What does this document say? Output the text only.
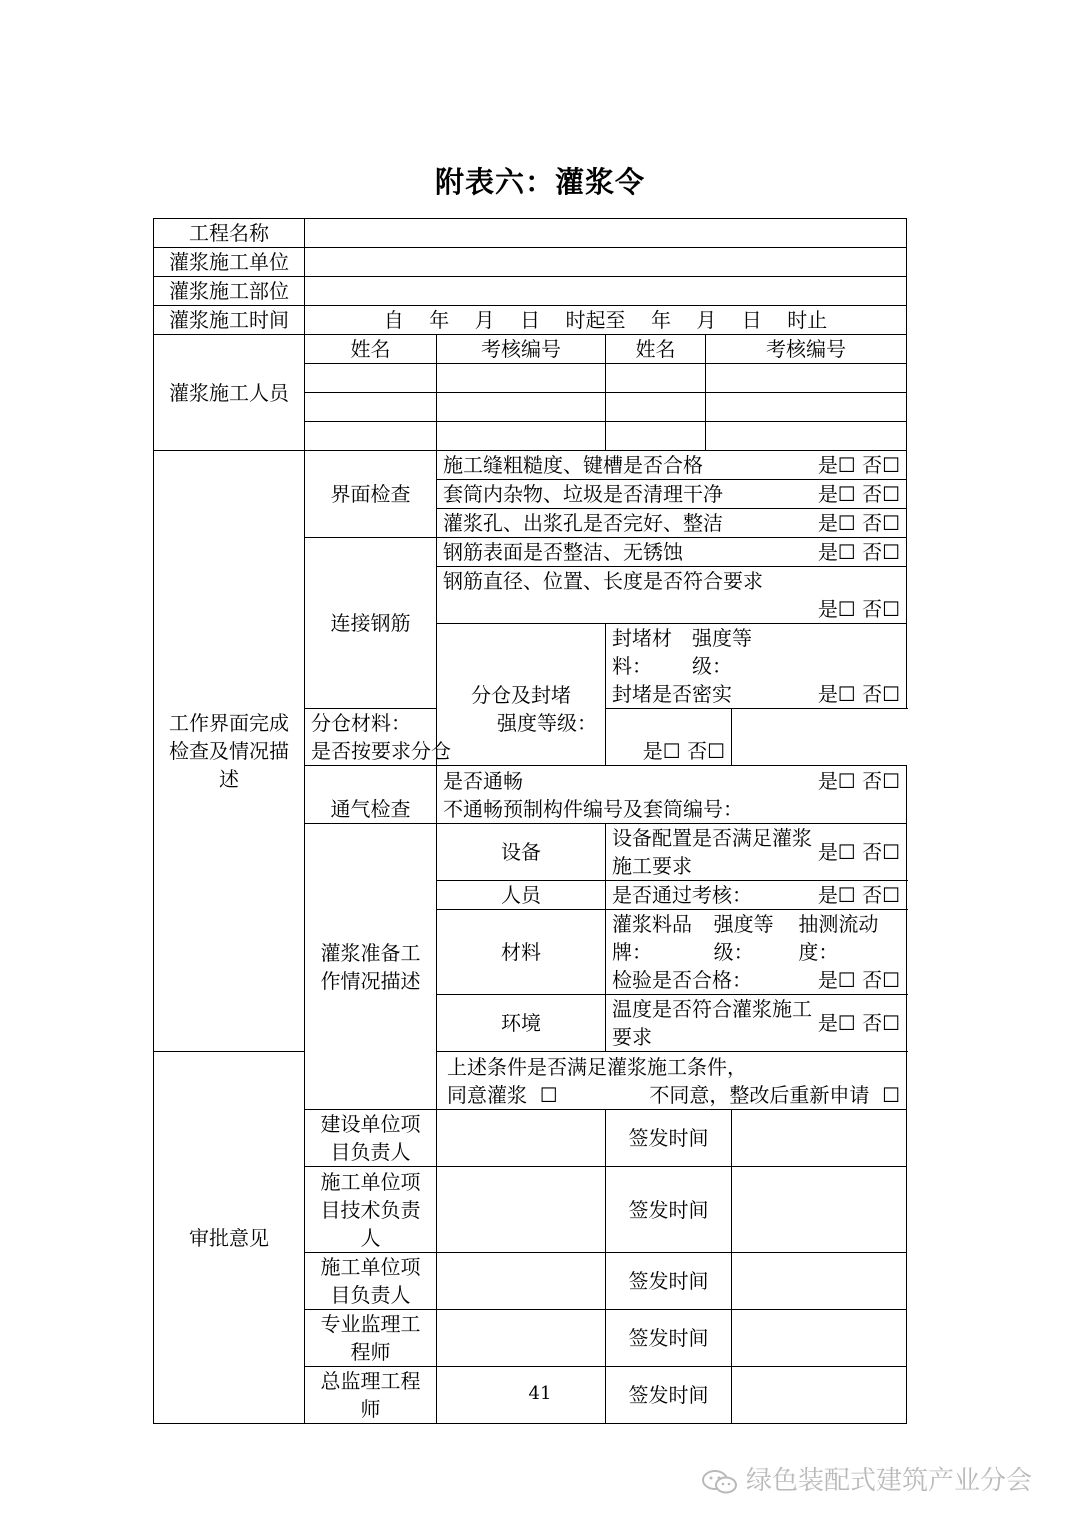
附表六：灌浆令
工程名称					
灌浆施工单位					
灌浆施工部位					
灌浆施工时间	自    年    月    日    时起至    年    月    日    时止				
灌浆施工人员	姓名	考核编号	姓名	考核编号	

工作界面完成检查及情况描述	界面检查	施工缝粗糙度、键槽是否合格 是☐ 否☐			

		套筒内杂物、垃圾是否清理干净 是☐ 否☐			

		灌浆孔、出浆孔是否完好、整洁 是☐ 否☐			

	连接钢筋	钢筋表面是否整洁、无锈蚀 是☐ 否☐			

		钢筋直径、位置、长度是否符合要求
是☐ 否☐			

		分仓及封堵	封堵材料：
强度等级：
封堵是否密实 是☐ 否☐		

	分仓材料： 强度等级：
是否按要求分仓 是☐ 否☐				

	通气检查	是否通畅 是☐ 否☐
不通畅预制构件编号及套筒编号：			

	灌浆准备工作情况描述	设备	设备配置是否满足灌浆施工要求
是☐ 否☐		

		人员	是否通过考核： 是☐ 否☐		

		材料	灌浆料品牌：
强度等级：
抽测流动度：
检验是否合格： 是☐ 否☐		

		环境	温度是否符合灌浆施工要求
是☐ 否☐		

审批意见		上述条件是否满足灌浆施工条件，
同意灌浆  ☐ 不同意，整改后重新申请  ☐			

	建设单位项目负责人		签发时间		
	施工单位项目技术负责人		签发时间		
	施工单位项目负责人		签发时间		
	专业监理工程师		签发时间		
	总监理工程师		签发时间		
41
绿色装配式建筑产业分会
